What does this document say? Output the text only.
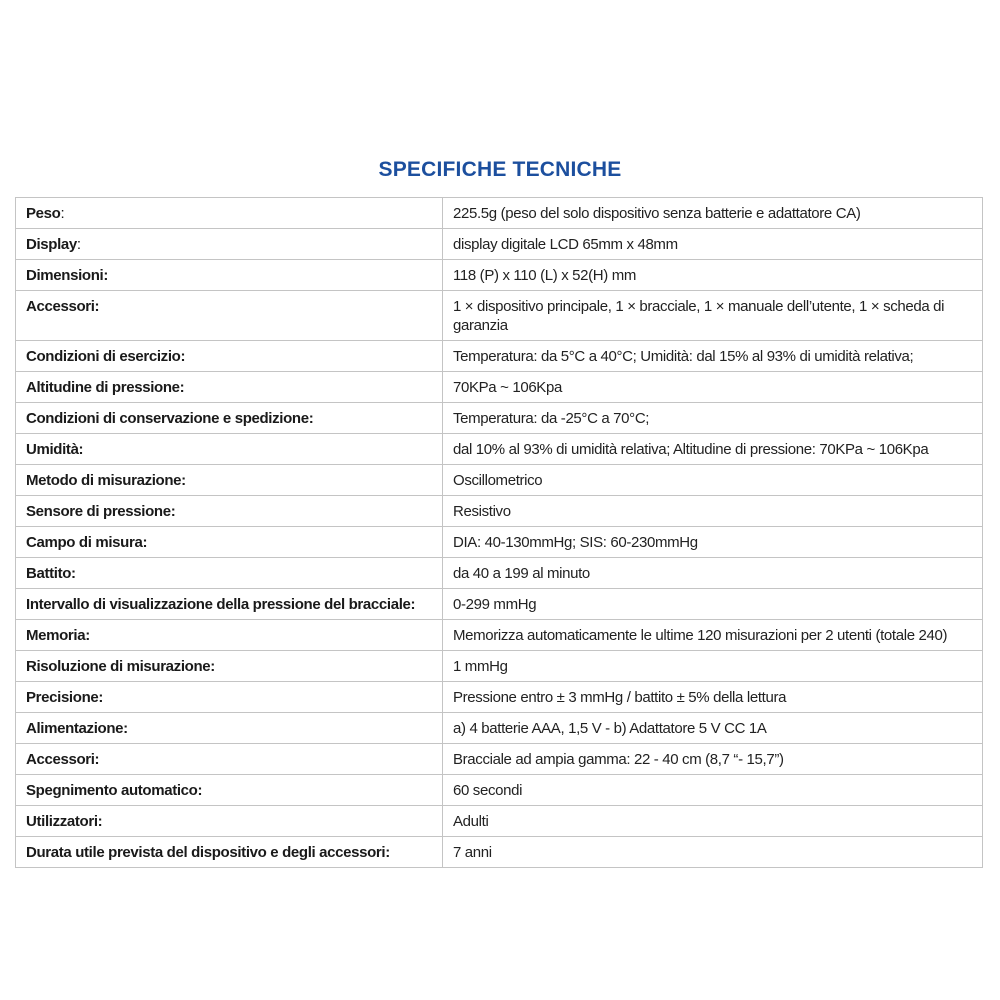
SPECIFICHE TECNICHE
Peso:	225.5g (peso del solo dispositivo senza batterie e adattatore CA)
Display:	display digitale LCD 65mm x 48mm
Dimensioni:	118 (P) x 110 (L) x 52(H) mm
Accessori:	1 × dispositivo principale, 1 × bracciale, 1 × manuale dell’utente, 1 × scheda di garanzia
Condizioni di esercizio:	Temperatura: da 5°C a 40°C; Umidità: dal 15% al 93% di umidità relativa;
Altitudine di pressione:	70KPa ~ 106Kpa
Condizioni di conservazione e spedizione:	Temperatura: da -25°C a 70°C;
Umidità:	dal 10% al 93% di umidità relativa; Altitudine di pressione: 70KPa ~ 106Kpa
Metodo di misurazione:	Oscillometrico
Sensore di pressione:	Resistivo
Campo di misura:	DIA: 40-130mmHg; SIS: 60-230mmHg
Battito:	da 40 a 199 al minuto
Intervallo di visualizzazione della pressione del bracciale:	0-299 mmHg
Memoria:	Memorizza automaticamente le ultime 120 misurazioni per 2 utenti (totale 240)
Risoluzione di misurazione:	1 mmHg
Precisione:	Pressione entro ± 3 mmHg / battito ± 5% della lettura
Alimentazione:	a) 4 batterie AAA, 1,5 V - b) Adattatore 5 V CC 1A
Accessori:	Bracciale ad ampia gamma: 22 - 40 cm (8,7 “- 15,7”)
Spegnimento automatico:	60 secondi
Utilizzatori:	Adulti
Durata utile prevista del dispositivo e degli accessori:	7 anni
